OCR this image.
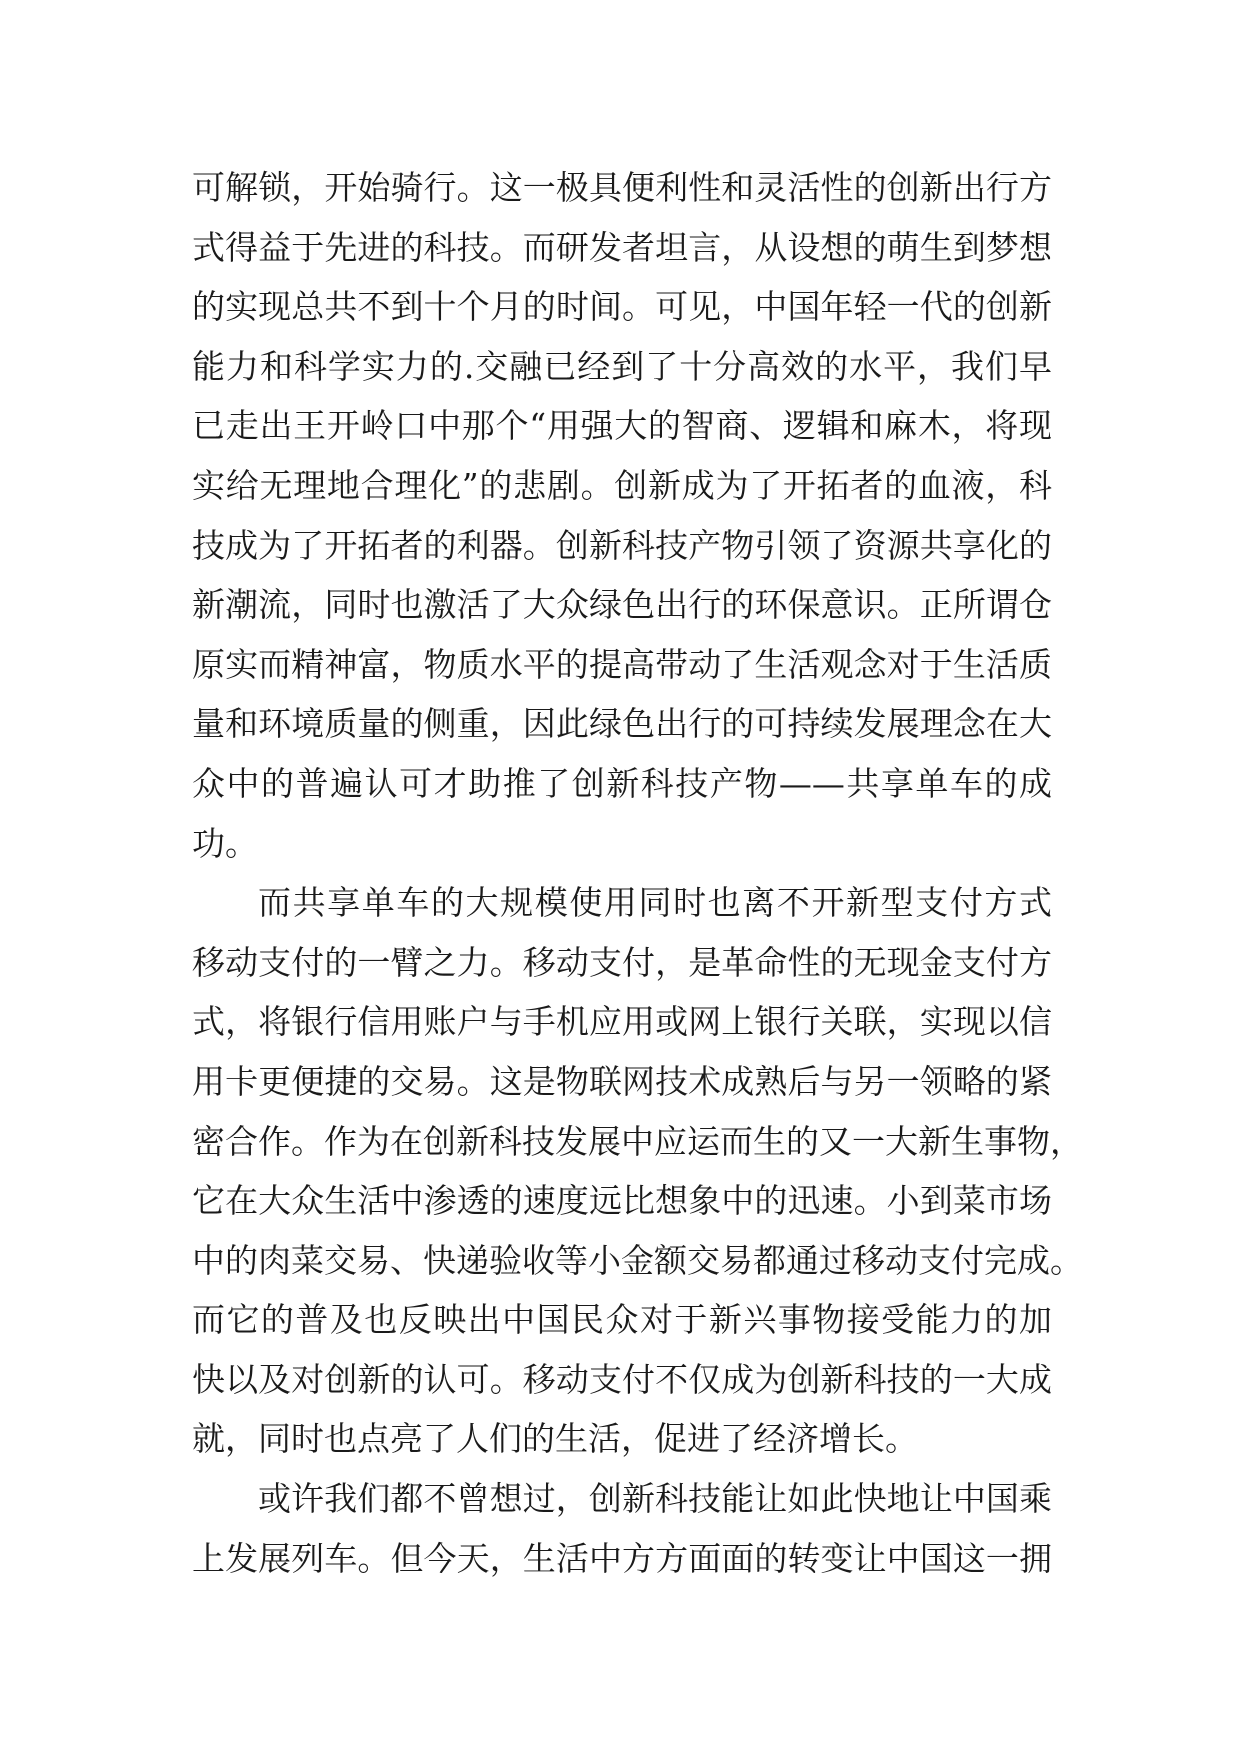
可解锁，开始骑行。这一极具便利性和灵活性的创新出行方
式得益于先进的科技。而研发者坦言，从设想的萌生到梦想
的实现总共不到十个月的时间。可见，中国年轻一代的创新
能力和科学实力的.交融已经到了十分高效的水平，我们早
已走出王开岭口中那个“用强大的智商、逻辑和麻木，将现
实给无理地合理化”的悲剧。创新成为了开拓者的血液，科
技成为了开拓者的利器。创新科技产物引领了资源共享化的
新潮流，同时也激活了大众绿色出行的环保意识。正所谓仓
原实而精神富，物质水平的提高带动了生活观念对于生活质
量和环境质量的侧重，因此绿色出行的可持续发展理念在大
众中的普遍认可才助推了创新科技产物——共享单车的成
功。
而共享单车的大规模使用同时也离不开新型支付方式
移动支付的一臂之力。移动支付，是革命性的无现金支付方
式，将银行信用账户与手机应用或网上银行关联，实现以信
用卡更便捷的交易。这是物联网技术成熟后与另一领略的紧
密合作。作为在创新科技发展中应运而生的又一大新生事物，
它在大众生活中渗透的速度远比想象中的迅速。小到菜市场
中的肉菜交易、快递验收等小金额交易都通过移动支付完成。
而它的普及也反映出中国民众对于新兴事物接受能力的加
快以及对创新的认可。移动支付不仅成为创新科技的一大成
就，同时也点亮了人们的生活，促进了经济增长。
或许我们都不曾想过，创新科技能让如此快地让中国乘
上发展列车。但今天，生活中方方面面的转变让中国这一拥
